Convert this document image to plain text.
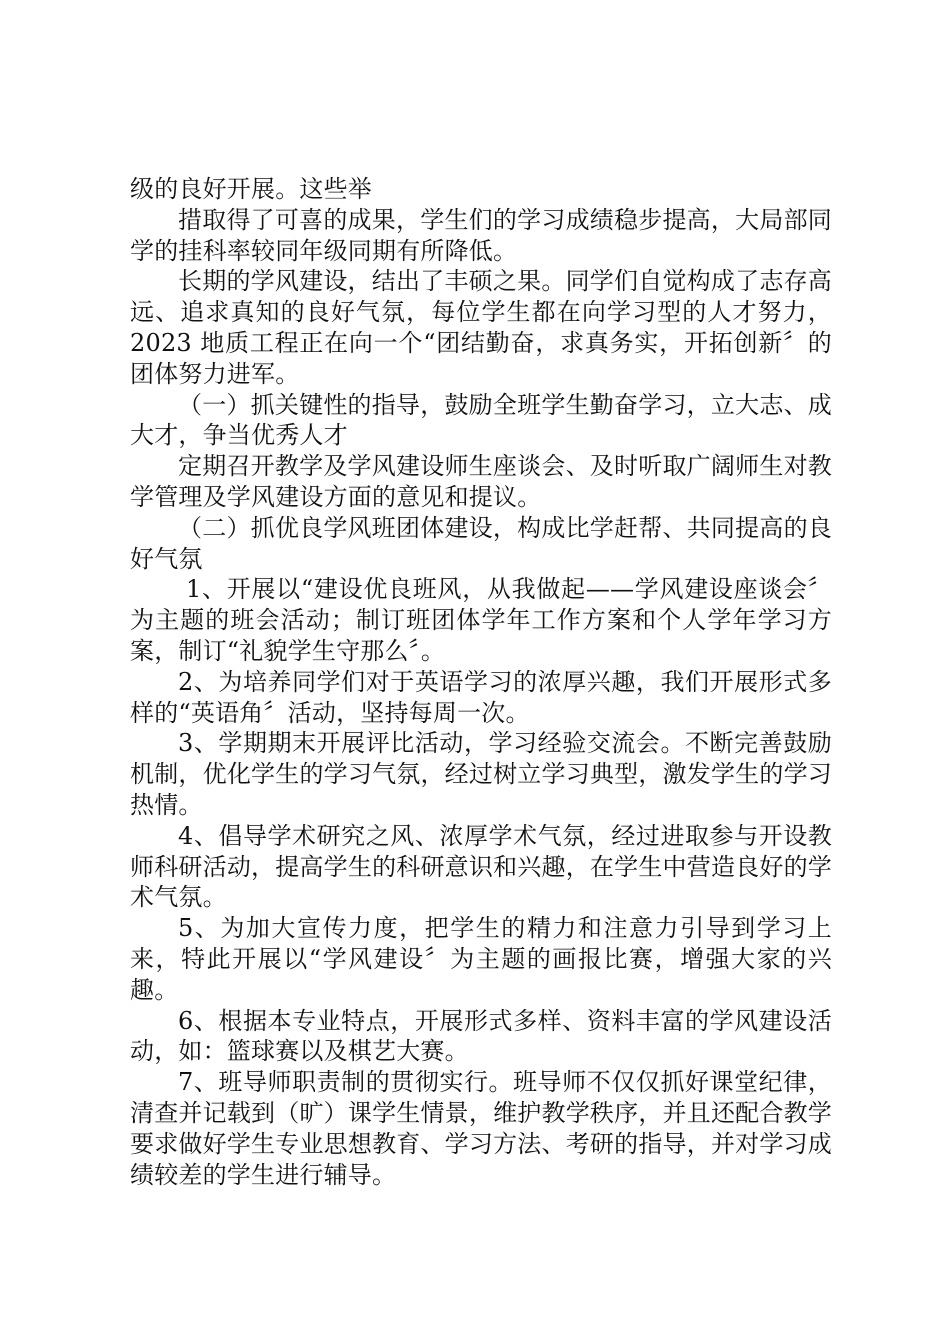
级的良好开展。这些举

措取得了可喜的成果，学生们的学习成绩稳步提高，大局部同学的挂科率较同年级同期有所降低。

长期的学风建设，结出了丰硕之果。同学们自觉构成了志存高远、追求真知的良好气氛，每位学生都在向学习型的人才努力，2023 地质工程正在向一个“团结勤奋，求真务实，开拓创新〞的团体努力进军。

（一）抓关键性的指导，鼓励全班学生勤奋学习，立大志、成大才，争当优秀人才

定期召开教学及学风建设师生座谈会、及时听取广阔师生对教学管理及学风建设方面的意见和提议。

（二）抓优良学风班团体建设，构成比学赶帮、共同提高的良好气氛

1、开展以“建设优良班风，从我做起——学风建设座谈会〞为主题的班会活动；制订班团体学年工作方案和个人学年学习方案，制订“礼貌学生守那么〞。

2、为培养同学们对于英语学习的浓厚兴趣，我们开展形式多样的“英语角〞活动，坚持每周一次。

3、学期期末开展评比活动，学习经验交流会。不断完善鼓励机制，优化学生的学习气氛，经过树立学习典型，激发学生的学习热情。

4、倡导学术研究之风、浓厚学术气氛，经过进取参与开设教师科研活动，提高学生的科研意识和兴趣，在学生中营造良好的学术气氛。

5、为加大宣传力度，把学生的精力和注意力引导到学习上来，特此开展以“学风建设〞为主题的画报比赛，增强大家的兴趣。

6、根据本专业特点，开展形式多样、资料丰富的学风建设活动，如：篮球赛以及棋艺大赛。

7、班导师职责制的贯彻实行。班导师不仅仅抓好课堂纪律，清查并记载到（旷）课学生情景，维护教学秩序，并且还配合教学要求做好学生专业思想教育、学习方法、考研的指导，并对学习成绩较差的学生进行辅导。
